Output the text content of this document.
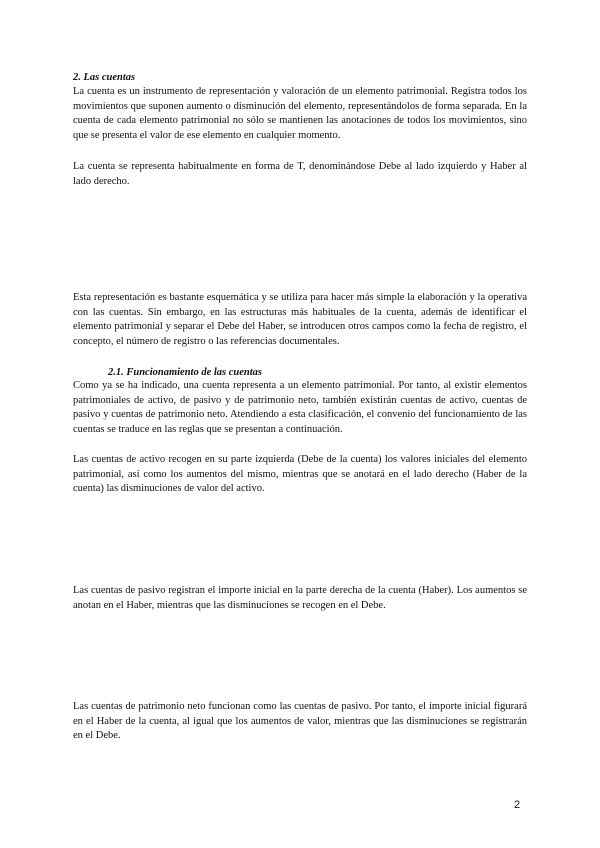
2. Las cuentas

La cuenta es un instrumento de representación y valoración de un elemento patrimonial. Registra todos los movimientos que suponen aumento o disminución del elemento, representándolos de forma separada. En la cuenta de cada elemento patrimonial no sólo se mantienen las anotaciones de todos los movimientos, sino que se presenta el valor de ese elemento en cualquier momento.

La cuenta se representa habitualmente en forma de T, denominándose Debe al lado izquierdo y Haber al lado derecho.

Esta representación es bastante esquemática y se utiliza para hacer más simple la elaboración y la operativa con las cuentas. Sin embargo, en las estructuras más habituales de la cuenta, además de identificar el elemento patrimonial y separar el Debe del Haber, se introducen otros campos como la fecha de registro, el concepto, el número de registro o las referencias documentales.

2.1. Funcionamiento de las cuentas

Como ya se ha indicado, una cuenta representa a un elemento patrimonial. Por tanto, al existir elementos patrimoniales de activo, de pasivo y de patrimonio neto, también existirán cuentas de activo, cuentas de pasivo y cuentas de patrimonio neto. Atendiendo a esta clasificación, el convenio del funcionamiento de las cuentas se traduce en las reglas que se presentan a continuación.

Las cuentas de activo recogen en su parte izquierda (Debe de la cuenta) los valores iniciales del elemento patrimonial, así como los aumentos del mismo, mientras que se anotará en el lado derecho (Haber de la cuenta) las disminuciones de valor del activo.

Las cuentas de pasivo registran el importe inicial en la parte derecha de la cuenta (Haber). Los aumentos se anotan en el Haber, mientras que las disminuciones se recogen en el Debe.

Las cuentas de patrimonio neto funcionan como las cuentas de pasivo. Por tanto, el importe inicial figurará en el Haber de la cuenta, al igual que los aumentos de valor, mientras que las disminuciones se registrarán en el Debe.

2
